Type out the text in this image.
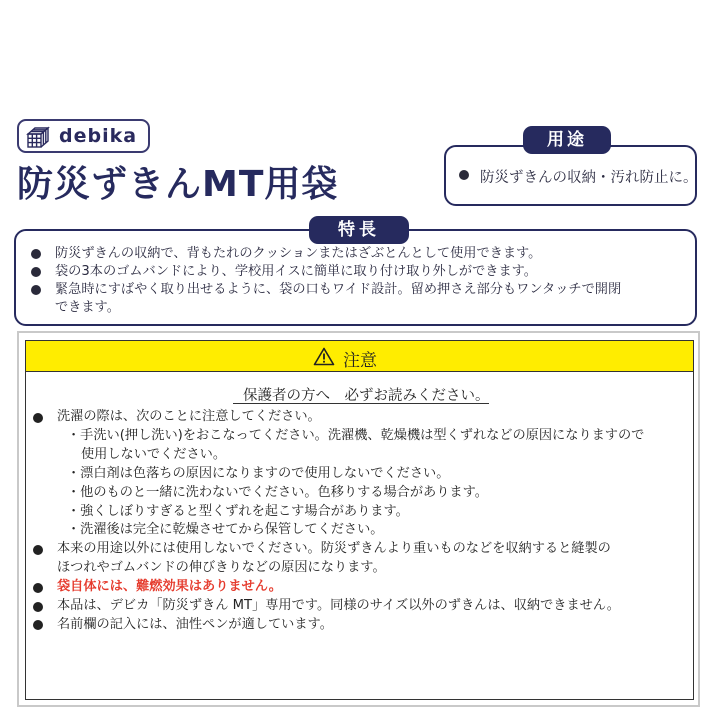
debika
防災ずきんMT用袋
用途
防災ずきんの収納・汚れ防止に。
特長
防災ずきんの収納で、背もたれのクッションまたはざぶとんとして使用できます。
袋の3本のゴムバンドにより、学校用イスに簡単に取り付け取り外しができます。
緊急時にすばやく取り出せるように、袋の口もワイド設計。留め押さえ部分もワンタッチで開閉
できます。
注意
保護者の方へ　必ずお読みください。
洗濯の際は、次のことに注意してください。
・手洗い(押し洗い)をおこなってください。洗濯機、乾燥機は型くずれなどの原因になりますので
使用しないでください。
・漂白剤は色落ちの原因になりますので使用しないでください。
・他のものと一緒に洗わないでください。色移りする場合があります。
・強くしぼりすぎると型くずれを起こす場合があります。
・洗濯後は完全に乾燥させてから保管してください。
本来の用途以外には使用しないでください。防災ずきんより重いものなどを収納すると縫製の
ほつれやゴムバンドの伸びきりなどの原因になります。
袋自体には、難燃効果はありません。
本品は、デビカ「防災ずきん MT」専用です。同様のサイズ以外のずきんは、収納できません。
名前欄の記入には、油性ペンが適しています。
